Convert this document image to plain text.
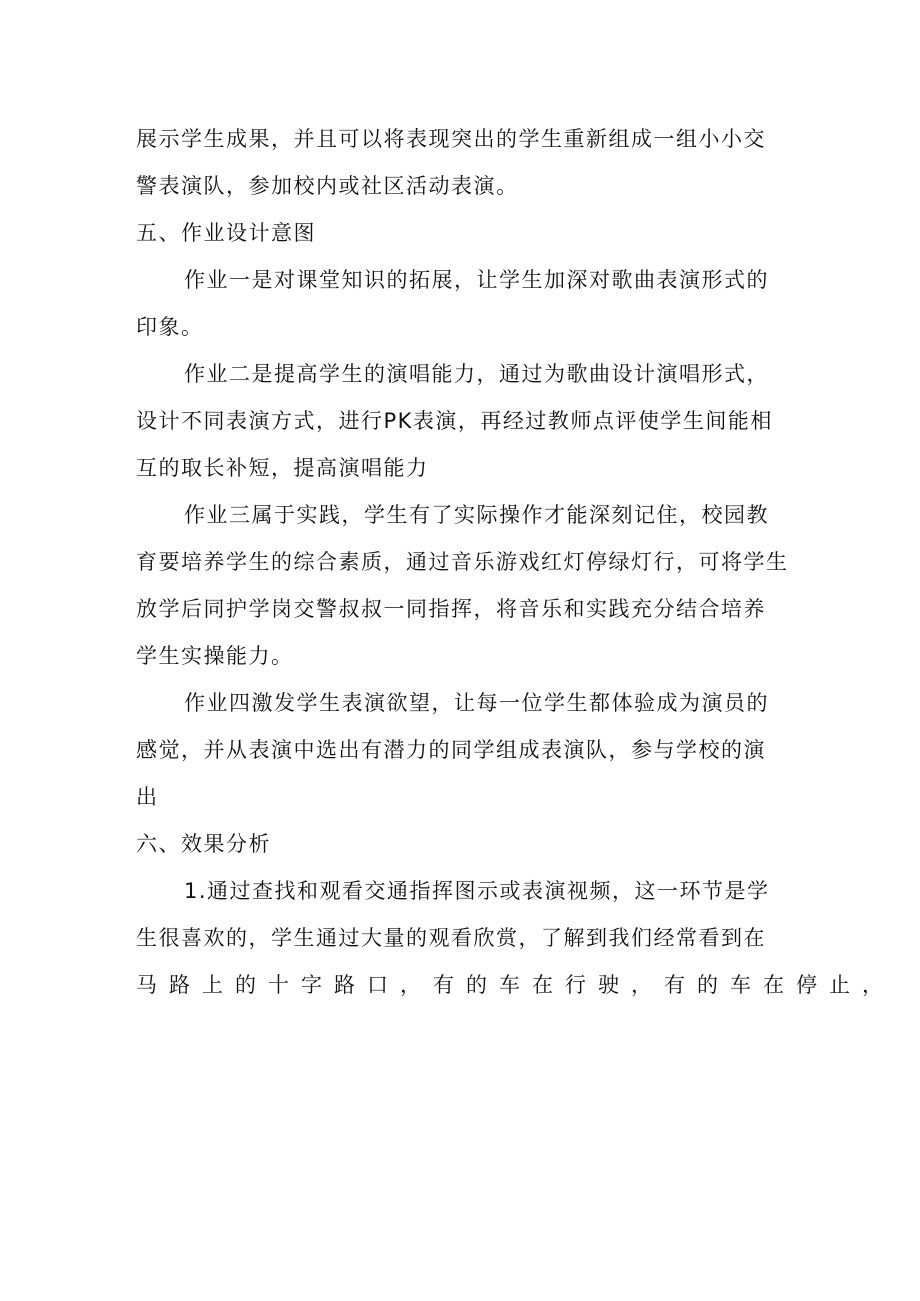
展示学生成果，并且可以将表现突出的学生重新组成一组小小交
警表演队，参加校内或社区活动表演。
五、作业设计意图
作业一是对课堂知识的拓展，让学生加深对歌曲表演形式的
印象。
作业二是提高学生的演唱能力，通过为歌曲设计演唱形式，
设计不同表演方式，进行PK表演，再经过教师点评使学生间能相
互的取长补短，提高演唱能力
作业三属于实践，学生有了实际操作才能深刻记住，校园教
育要培养学生的综合素质，通过音乐游戏红灯停绿灯行，可将学生
放学后同护学岗交警叔叔一同指挥，将音乐和实践充分结合培养
学生实操能力。
作业四激发学生表演欲望，让每一位学生都体验成为演员的
感觉，并从表演中选出有潜力的同学组成表演队，参与学校的演
出
六、效果分析
1.通过查找和观看交通指挥图示或表演视频，这一环节是学
生很喜欢的，学生通过大量的观看欣赏，了解到我们经常看到在
马路上的十字路口，有的车在行驶，有的车在停止，
